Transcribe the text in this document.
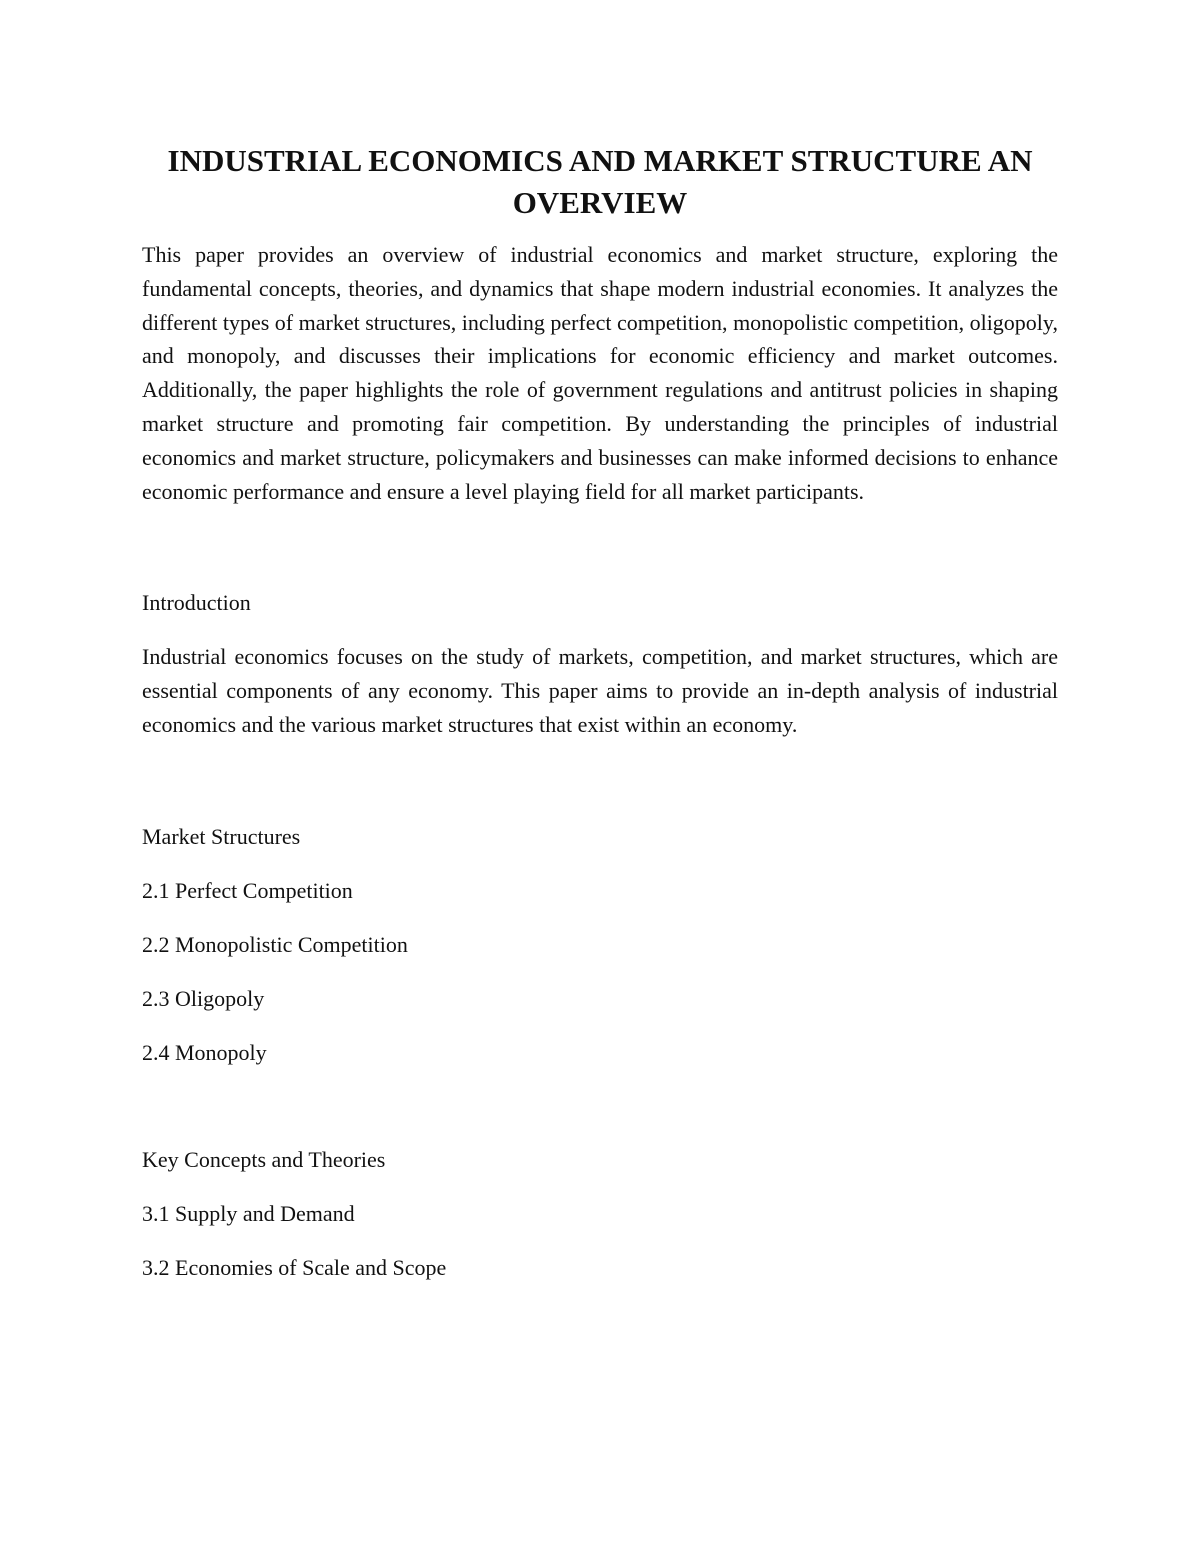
INDUSTRIAL ECONOMICS AND MARKET STRUCTURE AN OVERVIEW

This paper provides an overview of industrial economics and market structure, exploring the fundamental concepts, theories, and dynamics that shape modern industrial economies. It analyzes the different types of market structures, including perfect competition, monopolistic competition, oligopoly, and monopoly, and discusses their implications for economic efficiency and market outcomes. Additionally, the paper highlights the role of government regulations and antitrust policies in shaping market structure and promoting fair competition. By understanding the principles of industrial economics and market structure, policymakers and businesses can make informed decisions to enhance economic performance and ensure a level playing field for all market participants.

Introduction

Industrial economics focuses on the study of markets, competition, and market structures, which are essential components of any economy. This paper aims to provide an in-depth analysis of industrial economics and the various market structures that exist within an economy.

Market Structures

2.1 Perfect Competition

2.2 Monopolistic Competition

2.3 Oligopoly

2.4 Monopoly

Key Concepts and Theories

3.1 Supply and Demand

3.2 Economies of Scale and Scope
